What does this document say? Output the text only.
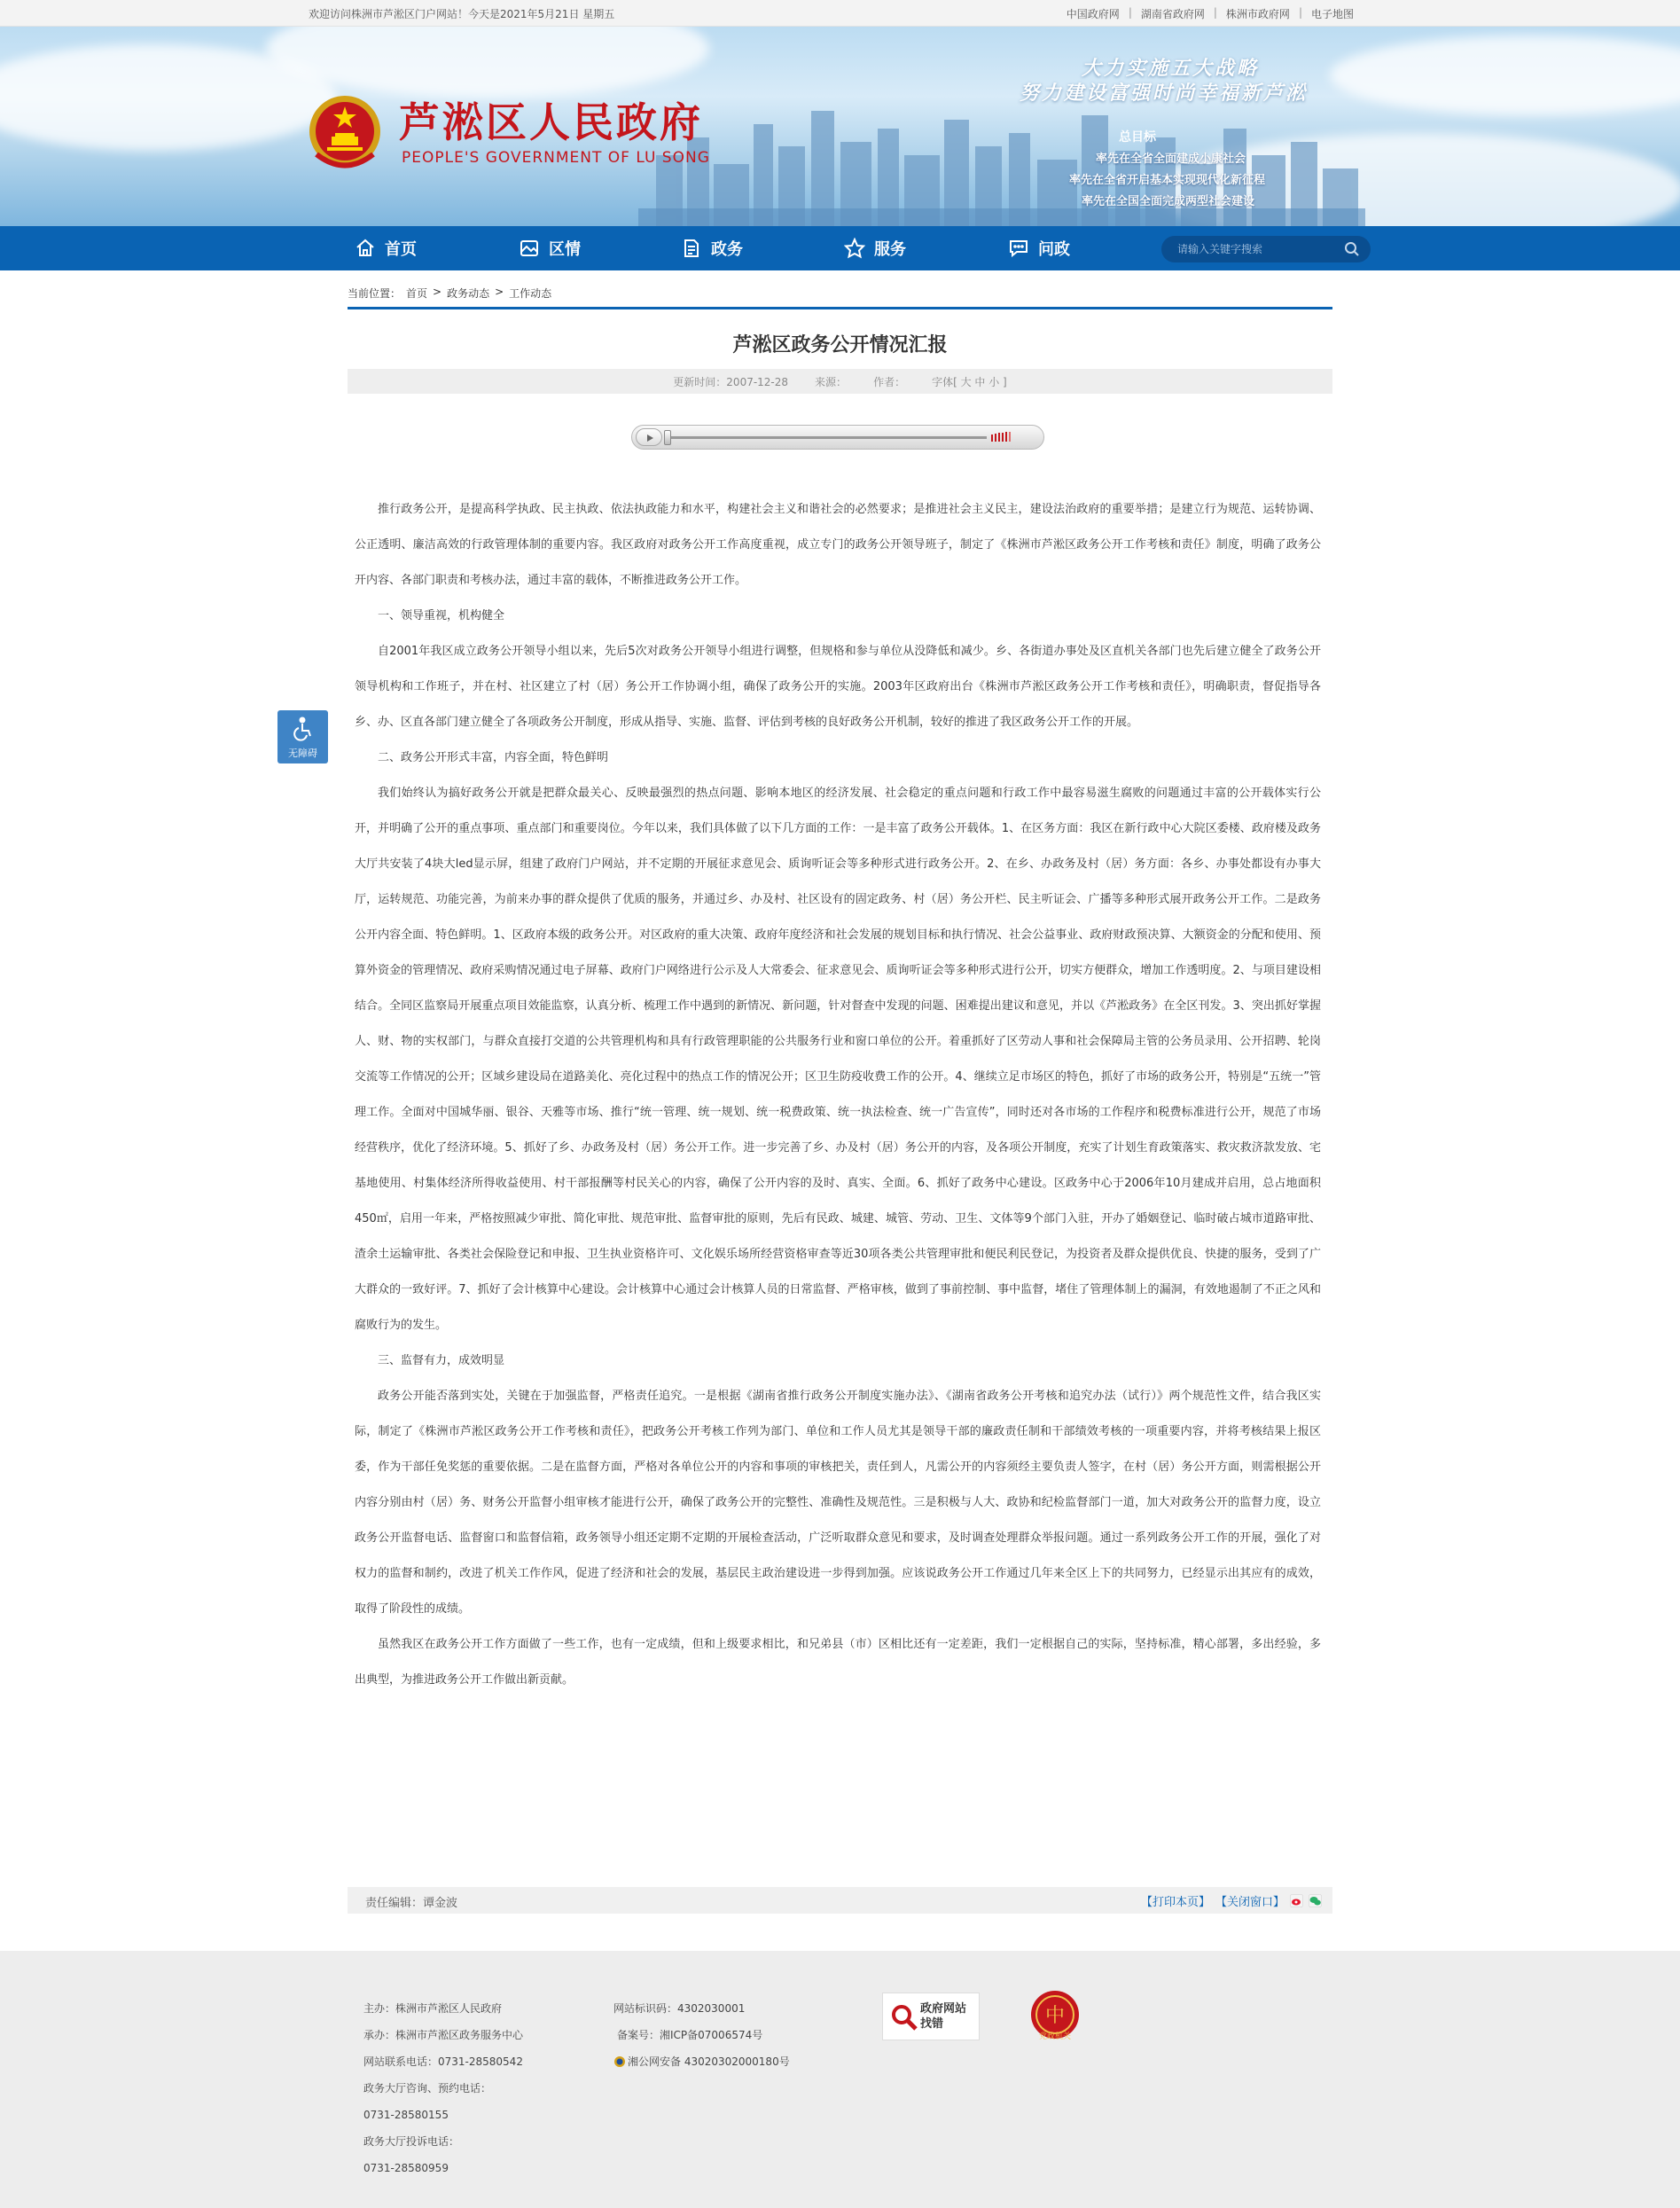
欢迎访问株洲市芦淞区门户网站！今天是2021年5月21日 星期五	中国政府网 | 湖南省政府网 | 株洲市政府网 | 电子地图
芦淞区人民政府
PEOPLE'S GOVERNMENT OF LU SONG
大力实施五大战略
努力建设富强时尚幸福新芦淞
总目标
率先在全省全面建成小康社会
率先在全省开启基本实现现代化新征程
率先在全国全面完成两型社会建设
首页	区情	政务	服务	问政
请输入关键字搜索
当前位置： 首页 > 政务动态 > 工作动态
芦淞区政务公开情况汇报
更新时间：2007-12-28	来源：	作者：	字体[ 大 中 小 ]

推行政务公开，是提高科学执政、民主执政、依法执政能力和水平，构建社会主义和谐社会的必然要求；是推进社会主义民主，建设法治政府的重要举措；是建立行为规范、运转协调、公正透明、廉洁高效的行政管理体制的重要内容。我区政府对政务公开工作高度重视，成立专门的政务公开领导班子，制定了《株洲市芦淞区政务公开工作考核和责任》制度，明确了政务公开内容、各部门职责和考核办法，通过丰富的载体，不断推进政务公开工作。

一、领导重视，机构健全

自2001年我区成立政务公开领导小组以来，先后5次对政务公开领导小组进行调整，但规格和参与单位从没降低和减少。乡、各街道办事处及区直机关各部门也先后建立健全了政务公开领导机构和工作班子，并在村、社区建立了村（居）务公开工作协调小组，确保了政务公开的实施。2003年区政府出台《株洲市芦淞区政务公开工作考核和责任》，明确职责，督促指导各乡、办、区直各部门建立健全了各项政务公开制度，形成从指导、实施、监督、评估到考核的良好政务公开机制，较好的推进了我区政务公开工作的开展。

二、政务公开形式丰富，内容全面，特色鲜明

我们始终认为搞好政务公开就是把群众最关心、反映最强烈的热点问题、影响本地区的经济发展、社会稳定的重点问题和行政工作中最容易滋生腐败的问题通过丰富的公开载体实行公开，并明确了公开的重点事项、重点部门和重要岗位。今年以来，我们具体做了以下几方面的工作：一是丰富了政务公开载体。1、在区务方面：我区在新行政中心大院区委楼、政府楼及政务大厅共安装了4块大led显示屏，组建了政府门户网站，并不定期的开展征求意见会、质询听证会等多种形式进行政务公开。2、在乡、办政务及村（居）务方面：各乡、办事处都设有办事大厅，运转规范、功能完善，为前来办事的群众提供了优质的服务，并通过乡、办及村、社区设有的固定政务、村（居）务公开栏、民主听证会、广播等多种形式展开政务公开工作。二是政务公开内容全面、特色鲜明。1、区政府本级的政务公开。对区政府的重大决策、政府年度经济和社会发展的规划目标和执行情况、社会公益事业、政府财政预决算、大额资金的分配和使用、预算外资金的管理情况、政府采购情况通过电子屏幕、政府门户网络进行公示及人大常委会、征求意见会、质询听证会等多种形式进行公开，切实方便群众，增加工作透明度。2、与项目建设相结合。全同区监察局开展重点项目效能监察，认真分析、梳理工作中遇到的新情况、新问题，针对督查中发现的问题、困难提出建议和意见，并以《芦淞政务》在全区刊发。3、突出抓好掌握人、财、物的实权部门，与群众直接打交道的公共管理机构和具有行政管理职能的公共服务行业和窗口单位的公开。着重抓好了区劳动人事和社会保障局主管的公务员录用、公开招聘、轮岗交流等工作情况的公开；区域乡建设局在道路美化、亮化过程中的热点工作的情况公开；区卫生防疫收费工作的公开。4、继续立足市场区的特色，抓好了市场的政务公开，特别是“五统一”管理工作。全面对中国城华丽、银谷、天雅等市场、推行“统一管理、统一规划、统一税费政策、统一执法检查、统一广告宣传”，同时还对各市场的工作程序和税费标准进行公开，规范了市场经营秩序，优化了经济环境。5、抓好了乡、办政务及村（居）务公开工作。进一步完善了乡、办及村（居）务公开的内容，及各项公开制度，充实了计划生育政策落实、救灾救济款发放、宅基地使用、村集体经济所得收益使用、村干部报酬等村民关心的内容，确保了公开内容的及时、真实、全面。6、抓好了政务中心建设。区政务中心于2006年10月建成并启用，总占地面积450㎡，启用一年来，严格按照减少审批、简化审批、规范审批、监督审批的原则，先后有民政、城建、城管、劳动、卫生、文体等9个部门入驻，开办了婚姻登记、临时破占城市道路审批、渣余土运输审批、各类社会保险登记和申报、卫生执业资格许可、文化娱乐场所经营资格审查等近30项各类公共管理审批和便民利民登记，为投资者及群众提供优良、快捷的服务，受到了广大群众的一致好评。7、抓好了会计核算中心建设。会计核算中心通过会计核算人员的日常监督、严格审核，做到了事前控制、事中监督，堵住了管理体制上的漏洞，有效地遏制了不正之风和腐败行为的发生。

三、监督有力，成效明显

政务公开能否落到实处，关键在于加强监督，严格责任追究。一是根据《湖南省推行政务公开制度实施办法》、《湖南省政务公开考核和追究办法（试行）》两个规范性文件，结合我区实际，制定了《株洲市芦淞区政务公开工作考核和责任》，把政务公开考核工作列为部门、单位和工作人员尤其是领导干部的廉政责任制和干部绩效考核的一项重要内容，并将考核结果上报区委，作为干部任免奖惩的重要依据。二是在监督方面，严格对各单位公开的内容和事项的审核把关，责任到人，凡需公开的内容须经主要负责人签字，在村（居）务公开方面，则需根据公开内容分别由村（居）务、财务公开监督小组审核才能进行公开，确保了政务公开的完整性、准确性及规范性。三是积极与人大、政协和纪检监督部门一道，加大对政务公开的监督力度，设立政务公开监督电话、监督窗口和监督信箱，政务领导小组还定期不定期的开展检查活动，广泛听取群众意见和要求，及时调查处理群众举报问题。通过一系列政务公开工作的开展，强化了对权力的监督和制约，改进了机关工作作风，促进了经济和社会的发展，基层民主政治建设进一步得到加强。应该说政务公开工作通过几年来全区上下的共同努力，已经显示出其应有的成效，取得了阶段性的成绩。

虽然我区在政务公开工作方面做了一些工作，也有一定成绩，但和上级要求相比，和兄弟县（市）区相比还有一定差距，我们一定根据自己的实际，坚持标准，精心部署，多出经验，多出典型，为推进政务公开工作做出新贡献。

无障碍
责任编辑：谭金波	【打印本页】 【关闭窗口】
主办：株洲市芦淞区人民政府
承办：株洲市芦淞区政务服务中心
网站联系电话：0731-28580542
政务大厅咨询、预约电话：
0731-28580155
政务大厅投诉电话：
0731-28580959
网站标识码：4302030001
备案号：湘ICP备07006574号
湘公网安备 43020302000180号
政府网站
找错	中
党政机关
